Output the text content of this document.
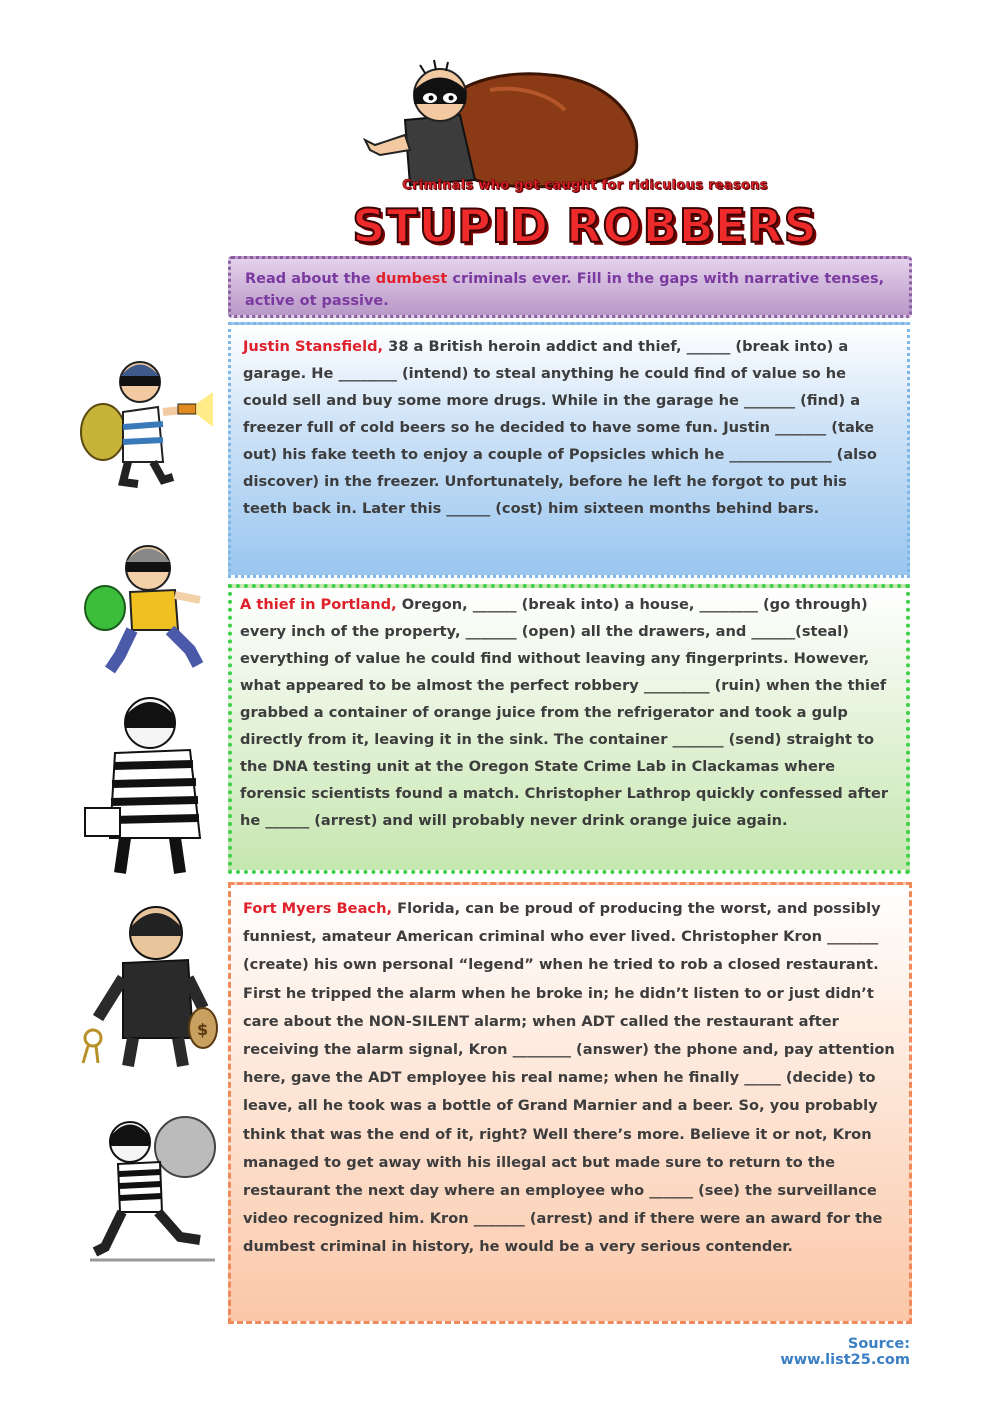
Criminals who got caught for ridiculous reasons
STUPID ROBBERS
Read about the dumbest criminals ever. Fill in the gaps with narrative tenses, active ot passive.
$
Justin Stansfield, 38 a British heroin addict and thief, ______ (break into) a garage. He ________ (intend) to steal anything he could find of value so he could sell and buy some more drugs. While in the garage he _______ (find) a freezer full of cold beers so he decided to have some fun. Justin _______ (take out) his fake teeth to enjoy a couple of Popsicles which he ______________ (also discover) in the freezer. Unfortunately, before he left he forgot to put his teeth back in. Later this ______ (cost) him sixteen months behind bars.
A thief in Portland, Oregon, ______ (break into) a house, ________ (go through) every inch of the property, _______ (open) all the drawers, and ______(steal) everything of value he could find without leaving any fingerprints. However, what appeared to be almost the perfect robbery _________ (ruin) when the thief grabbed a container of orange juice from the refrigerator and took a gulp directly from it, leaving it in the sink. The container _______ (send) straight to the DNA testing unit at the Oregon State Crime Lab in Clackamas where forensic scientists found a match. Christopher Lathrop quickly confessed after he ______ (arrest) and will probably never drink orange juice again.
Fort Myers Beach, Florida, can be proud of producing the worst, and possibly funniest, amateur American criminal who ever lived. Christopher Kron _______ (create) his own personal “legend” when he tried to rob a closed restaurant. First he tripped the alarm when he broke in; he didn’t listen to or just didn’t care about the NON-SILENT alarm; when ADT called the restaurant after receiving the alarm signal, Kron ________ (answer) the phone and, pay attention here, gave the ADT employee his real name; when he finally _____ (decide) to leave, all he took was a bottle of Grand Marnier and a beer. So, you probably think that was the end of it, right? Well there’s more. Believe it or not, Kron managed to get away with his illegal act but made sure to return to the restaurant the next day where an employee who ______ (see) the surveillance video recognized him. Kron _______ (arrest) and if there were an award for the dumbest criminal in history, he would be a very serious contender.
Source: www.list25.com
